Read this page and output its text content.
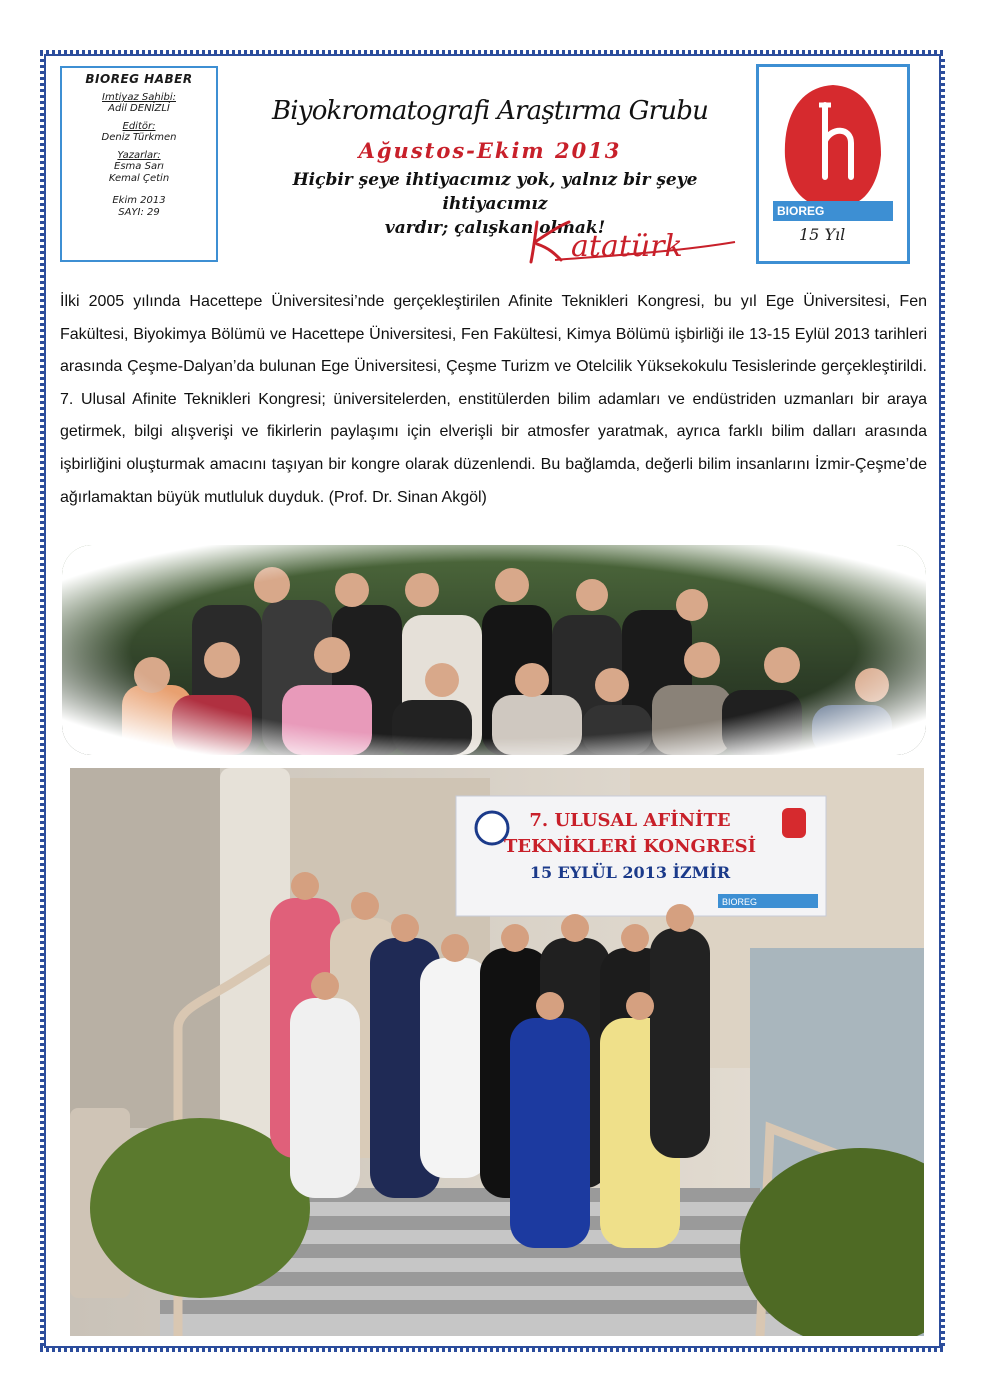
BIOREG HABER
Imtiyaz Sahibi:
Adil DENİZLİ
Editör:
Deniz Türkmen
Yazarlar:
Esma Sarı
Kemal Çetin
Ekim 2013
SAYI: 29
Biyokromatografi Araştırma Grubu
Ağustos-Ekim 2013
Hiçbir şeye ihtiyacımız yok, yalnız bir şeye ihtiyacımız
vardır; çalışkan olmak!
atatürk
BIOREG
15 Yıl

İlki 2005 yılında Hacettepe Üniversitesi’nde gerçekleştirilen Afinite Teknikleri Kongresi, bu yıl Ege Üniversitesi, Fen Fakültesi, Biyokimya Bölümü ve Hacettepe Üniversitesi, Fen Fakültesi, Kimya Bölümü işbirliği ile 13-15 Eylül 2013 tarihleri arasında Çeşme-Dalyan’da bulunan Ege Üniversitesi, Çeşme Turizm ve Otelcilik Yüksekokulu Tesislerinde gerçekleştirildi. 7. Ulusal Afinite Teknikleri Kongresi; üniversitelerden, enstitülerden bilim adamları ve endüstriden uzmanları bir araya getirmek, bilgi alışverişi ve fikirlerin paylaşımı için elverişli bir atmosfer yaratmak, ayrıca farklı bilim dalları arasında işbirliğini oluşturmak amacını taşıyan bir kongre olarak düzenlendi. Bu bağlamda, değerli bilim insanlarını İzmir-Çeşme’de ağırlamaktan büyük mutluluk duyduk. (Prof. Dr. Sinan Akgöl)

7. ULUSAL AFİNİTE
TEKNİKLERİ KONGRESİ
15 EYLÜL 2013 İZMİR
BIOREG
